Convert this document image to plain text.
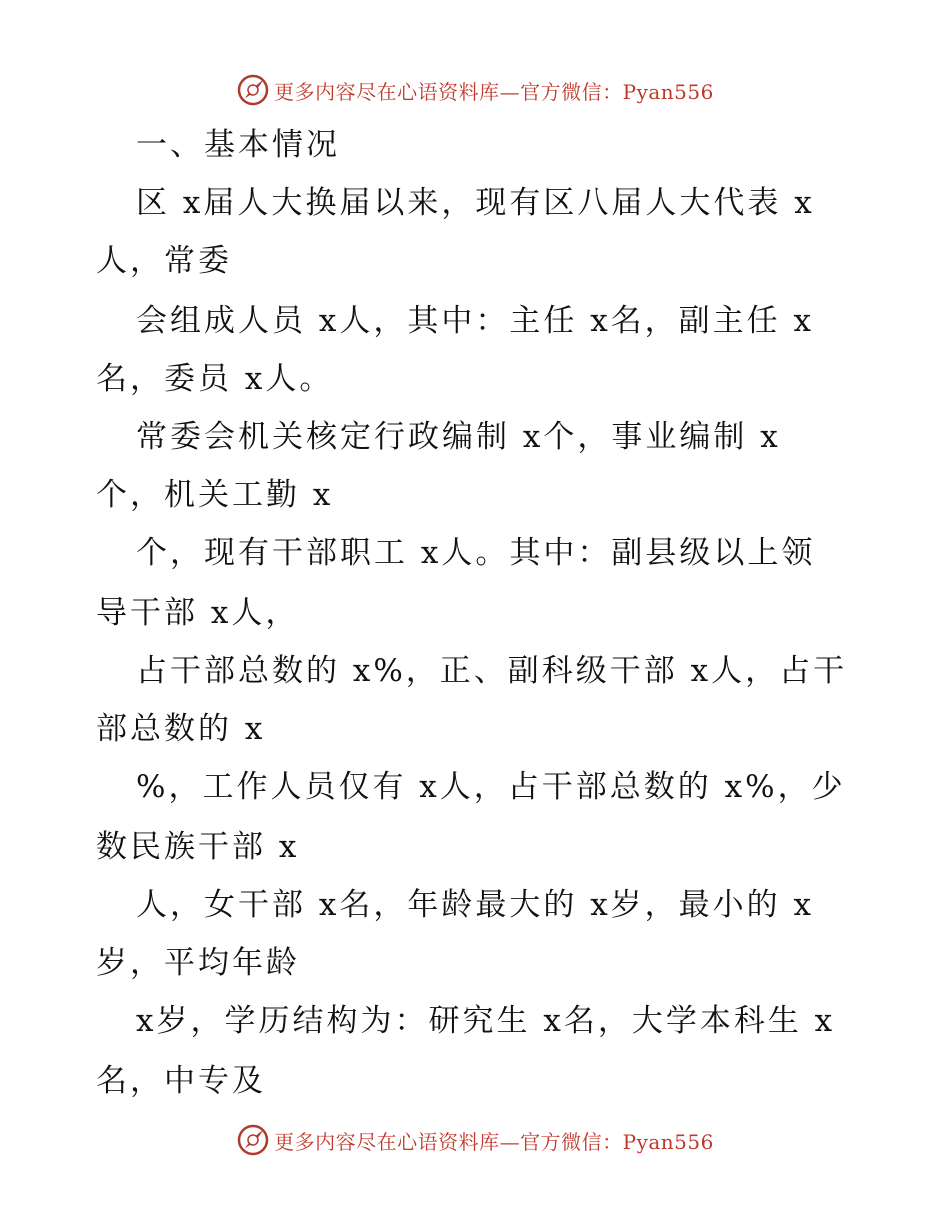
更多内容尽在心语资料库—官方微信：Pyan556
一、基本情况
区 x届人大换届以来，现有区八届人大代表 x
人，常委
会组成人员 x人，其中：主任 x名，副主任 x
名，委员 x人。
常委会机关核定行政编制 x个，事业编制 x
个，机关工勤 x
个，现有干部职工 x人。其中：副县级以上领
导干部 x人，
占干部总数的 x%，正、副科级干部 x人，占干
部总数的 x
%，工作人员仅有 x人，占干部总数的 x%，少
数民族干部 x
人，女干部 x名，年龄最大的 x岁，最小的 x
岁，平均年龄
x岁，学历结构为：研究生 x名，大学本科生 x
名，中专及
更多内容尽在心语资料库—官方微信：Pyan556
